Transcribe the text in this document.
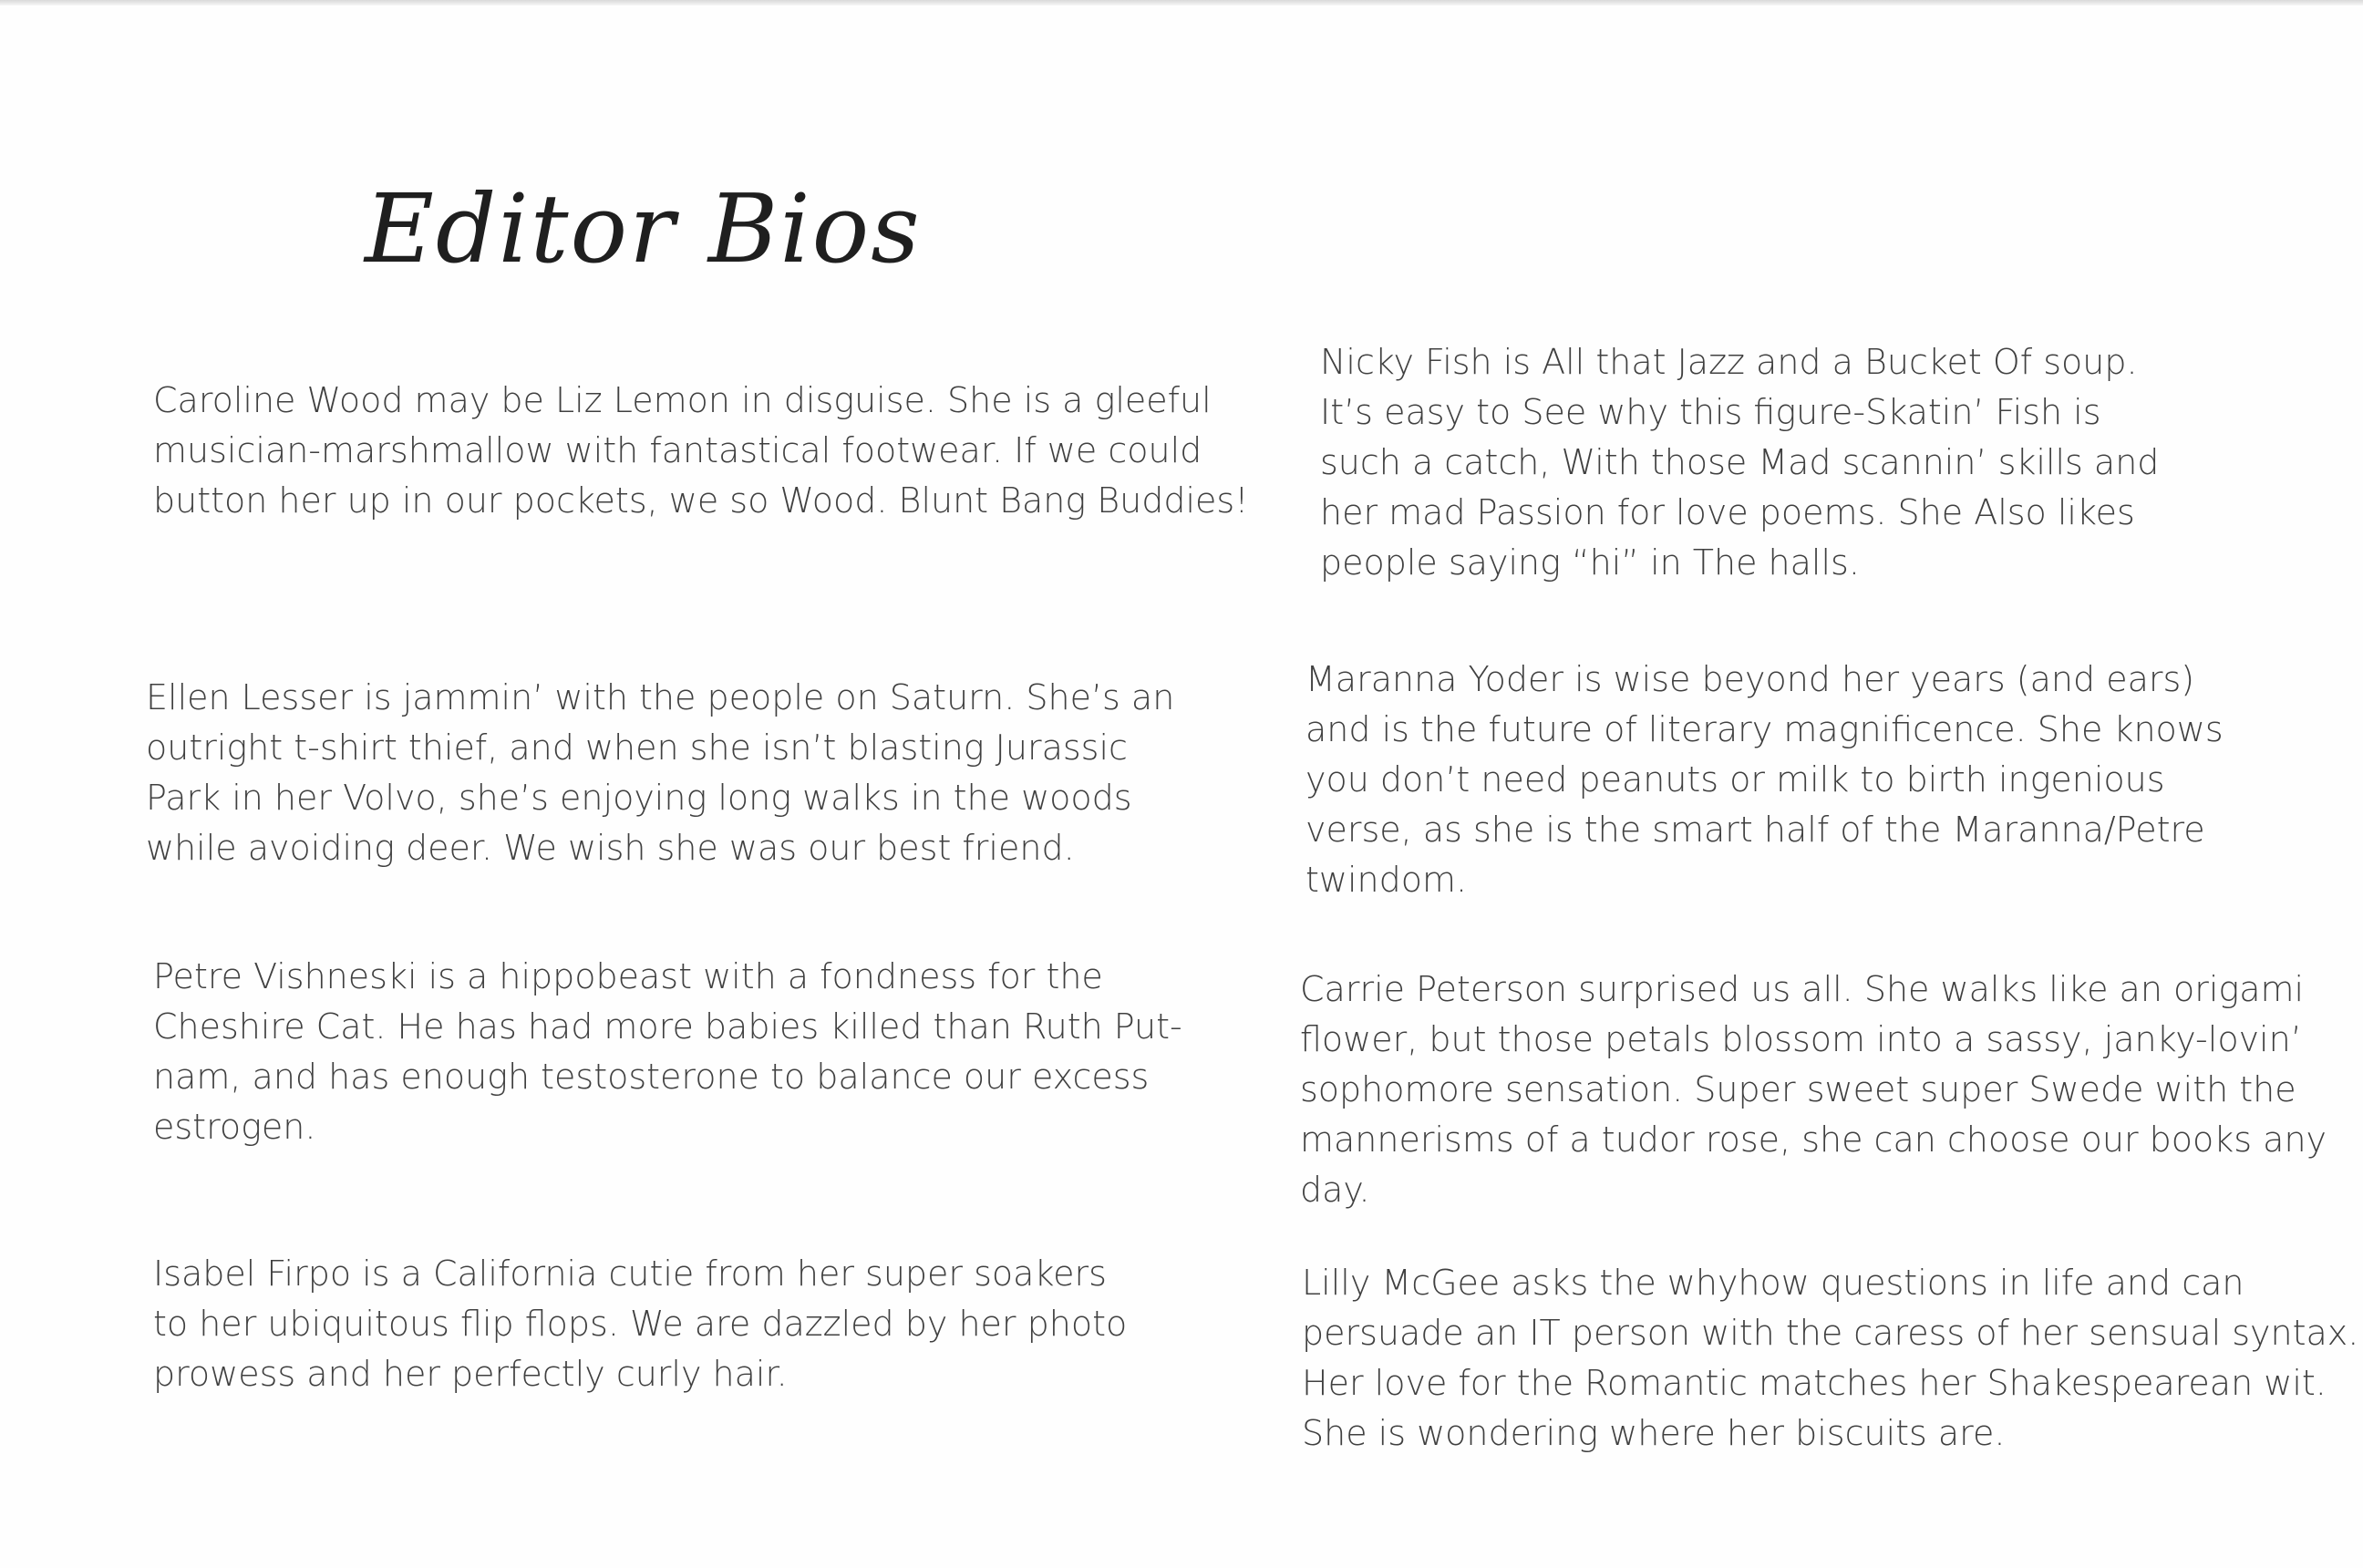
Editor Bios

Caroline Wood may be Liz Lemon in disguise. She is a gleeful
musician-marshmallow with fantastical footwear. If we could
button her up in our pockets, we so Wood. Blunt Bang Buddies!

Nicky Fish is All that Jazz and a Bucket Of soup.
It’s easy to See why this figure-Skatin’ Fish is
such a catch, With those Mad scannin’ skills and
her mad Passion for love poems. She Also likes
people saying “hi” in The halls.

Ellen Lesser is jammin’ with the people on Saturn. She’s an
outright t-shirt thief, and when she isn’t blasting Jurassic
Park in her Volvo, she’s enjoying long walks in the woods
while avoiding deer. We wish she was our best friend.

Maranna Yoder is wise beyond her years (and ears)
and is the future of literary magnificence. She knows
you don’t need peanuts or milk to birth ingenious
verse, as she is the smart half of the Maranna/Petre
twindom.

Petre Vishneski is a hippobeast with a fondness for the
Cheshire Cat. He has had more babies killed than Ruth Put-
nam, and has enough testosterone to balance our excess
estrogen.

Carrie Peterson surprised us all. She walks like an origami
flower, but those petals blossom into a sassy, janky-lovin’
sophomore sensation. Super sweet super Swede with the
mannerisms of a tudor rose, she can choose our books any
day.

Isabel Firpo is a California cutie from her super soakers
to her ubiquitous flip flops. We are dazzled by her photo
prowess and her perfectly curly hair.

Lilly McGee asks the whyhow questions in life and can
persuade an IT person with the caress of her sensual syntax.
Her love for the Romantic matches her Shakespearean wit.
She is wondering where her biscuits are.
